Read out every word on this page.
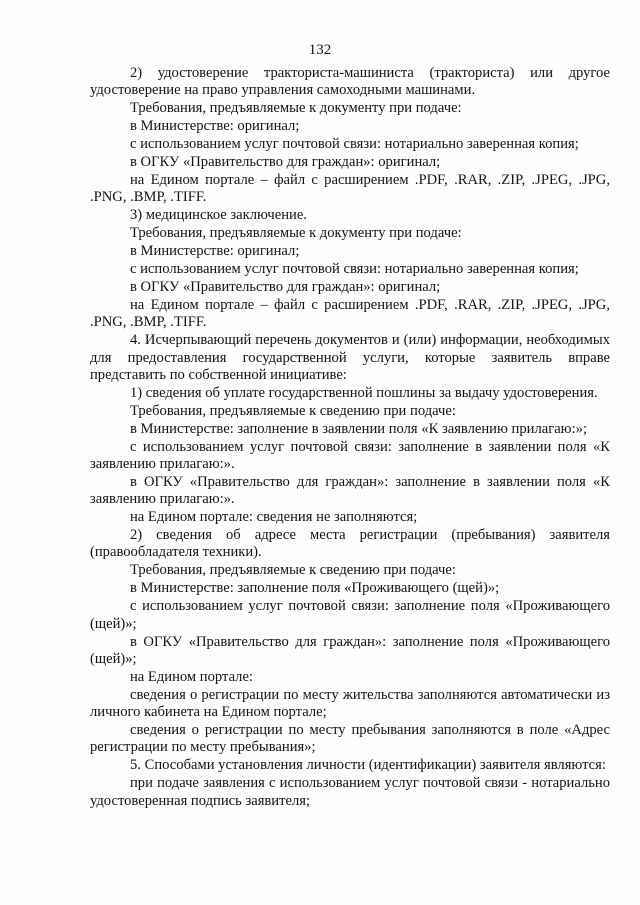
132

2) удостоверение тракториста-машиниста (тракториста) или другое удостоверение на право управления самоходными машинами.

Требования, предъявляемые к документу при подаче:

в Министерстве: оригинал;

с использованием услуг почтовой связи: нотариально заверенная копия;

в ОГКУ «Правительство для граждан»: оригинал;

на Едином портале – файл с расширением .PDF, .RAR, .ZIP, .JPEG, .JPG, .PNG, .BMP, .TIFF.

3) медицинское заключение.

Требования, предъявляемые к документу при подаче:

в Министерстве: оригинал;

с использованием услуг почтовой связи: нотариально заверенная копия;

в ОГКУ «Правительство для граждан»: оригинал;

на Едином портале – файл с расширением .PDF, .RAR, .ZIP, .JPEG, .JPG, .PNG, .BMP, .TIFF.

4. Исчерпывающий перечень документов и (или) информации, необходимых для предоставления государственной услуги, которые заявитель вправе представить по собственной инициативе:

1) сведения об уплате государственной пошлины за выдачу удостоверения.

Требования, предъявляемые к сведению при подаче:

в Министерстве: заполнение в заявлении поля «К заявлению прилагаю:»;

с использованием услуг почтовой связи: заполнение в заявлении поля «К заявлению прилагаю:».

в ОГКУ «Правительство для граждан»: заполнение в заявлении поля «К заявлению прилагаю:».

на Едином портале: сведения не заполняются;

2) сведения об адресе места регистрации (пребывания) заявителя (правообладателя техники).

Требования, предъявляемые к сведению при подаче:

в Министерстве: заполнение поля «Проживающего (щей)»;

с использованием услуг почтовой связи: заполнение поля «Проживающего (щей)»;

в ОГКУ «Правительство для граждан»: заполнение поля «Проживающего (щей)»;

на Едином портале:

сведения о регистрации по месту жительства заполняются автоматически из личного кабинета на Едином портале;

сведения о регистрации по месту пребывания заполняются в поле «Адрес регистрации по месту пребывания»;

5. Способами установления личности (идентификации) заявителя являются:

при подаче заявления с использованием услуг почтовой связи - нотариально удостоверенная подпись заявителя;
